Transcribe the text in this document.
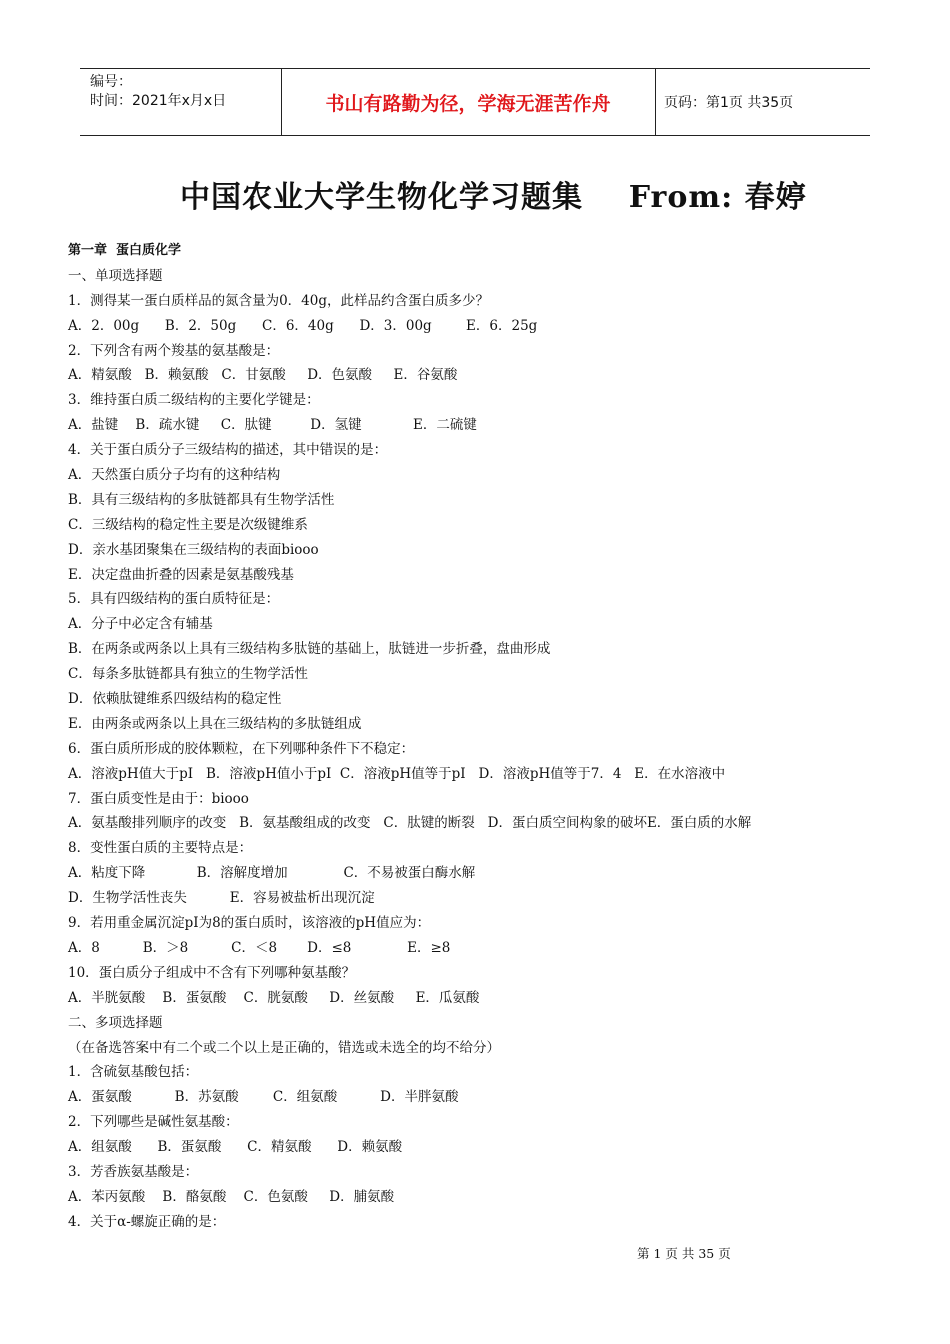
编号：
时间：2021年x月x日	书山有路勤为径，学海无涯苦作舟	页码：第1页 共35页
中国农业大学生物化学习题集    From: 春婷
第一章  蛋白质化学
一、单项选择题
1．测得某一蛋白质样品的氮含量为0．40g，此样品约含蛋白质多少？
A．2．00g      B．2．50g      C．6．40g      D．3．00g        E．6．25g
2．下列含有两个羧基的氨基酸是：
A．精氨酸   B．赖氨酸   C．甘氨酸     D．色氨酸     E．谷氨酸
3．维持蛋白质二级结构的主要化学键是：
A．盐键    B．疏水键     C．肽键         D．氢键            E．二硫键
4．关于蛋白质分子三级结构的描述，其中错误的是：
A．天然蛋白质分子均有的这种结构
B．具有三级结构的多肽链都具有生物学活性
C．三级结构的稳定性主要是次级键维系
D．亲水基团聚集在三级结构的表面biooo
E．决定盘曲折叠的因素是氨基酸残基
5．具有四级结构的蛋白质特征是：
A．分子中必定含有辅基
B．在两条或两条以上具有三级结构多肽链的基础上，肽链进一步折叠，盘曲形成
C．每条多肽链都具有独立的生物学活性
D．依赖肽键维系四级结构的稳定性
E．由两条或两条以上具在三级结构的多肽链组成
6．蛋白质所形成的胶体颗粒，在下列哪种条件下不稳定：
A．溶液pH值大于pI   B．溶液pH值小于pI  C．溶液pH值等于pI   D．溶液pH值等于7．4   E．在水溶液中
7．蛋白质变性是由于：biooo
A．氨基酸排列顺序的改变   B．氨基酸组成的改变   C．肽键的断裂   D．蛋白质空间构象的破坏E．蛋白质的水解
8．变性蛋白质的主要特点是：
A．粘度下降            B．溶解度增加             C．不易被蛋白酶水解
D．生物学活性丧失          E．容易被盐析出现沉淀
9．若用重金属沉淀pI为8的蛋白质时，该溶液的pH值应为：
A．8          B．＞8          C．＜8       D．≤8             E．≥8
10．蛋白质分子组成中不含有下列哪种氨基酸？
A．半胱氨酸    B．蛋氨酸    C．胱氨酸     D．丝氨酸     E．瓜氨酸
二、多项选择题
（在备选答案中有二个或二个以上是正确的，错选或未选全的均不给分）
1．含硫氨基酸包括：
A．蛋氨酸          B．苏氨酸        C．组氨酸          D．半胖氨酸
2．下列哪些是碱性氨基酸：
A．组氨酸      B．蛋氨酸      C．精氨酸      D．赖氨酸
3．芳香族氨基酸是：
A．苯丙氨酸    B．酪氨酸    C．色氨酸     D．脯氨酸
4．关于α-螺旋正确的是：
第 1 页 共 35 页
